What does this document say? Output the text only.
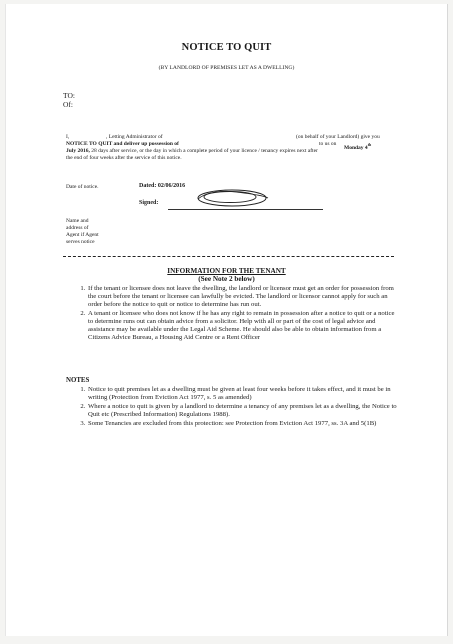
NOTICE TO QUIT
(BY LANDLORD OF PREMISES LET AS A DWELLING)
TO:
Of:
I,	, Letting Administrator of	(on behalf of your Landlord) give you
NOTICE TO QUIT and deliver up possession of	to us on
Monday 4th
July 2016, 28 days after service, or the day in which a complete period of your licence / tenancy expires next after
the end of four weeks after the service of this notice.
Date of notice.	Dated: 02/06/2016
Signed:
Name and
address of
Agent if Agent
serves notice
INFORMATION FOR THE TENANT
(See Note 2 below)
1. If the tenant or licensee does not leave the dwelling, the landlord or licensor must get an order for possession from the court before the tenant or licensee can lawfully be evicted. The landlord or licensor cannot apply for such an order before the notice to quit or notice to determine has run out.
2. A tenant or licensee who does not know if he has any right to remain in possession after a notice to quit or a notice to determine runs out can obtain advice from a solicitor. Help with all or part of the cost of legal advice and assistance may be available under the Legal Aid Scheme. He should also be able to obtain information from a Citizens Advice Bureau, a Housing Aid Centre or a Rent Officer
NOTES
1. Notice to quit premises let as a dwelling must be given at least four weeks before it takes effect, and it must be in writing (Protection from Eviction Act 1977, s. 5 as amended)
2. Where a notice to quit is given by a landlord to determine a tenancy of any premises let as a dwelling, the Notice to Quit etc (Prescribed Information) Regulations 1988).
3. Some Tenancies are excluded from this protection: see Protection from Eviction Act 1977, ss. 3A and 5(1B)
